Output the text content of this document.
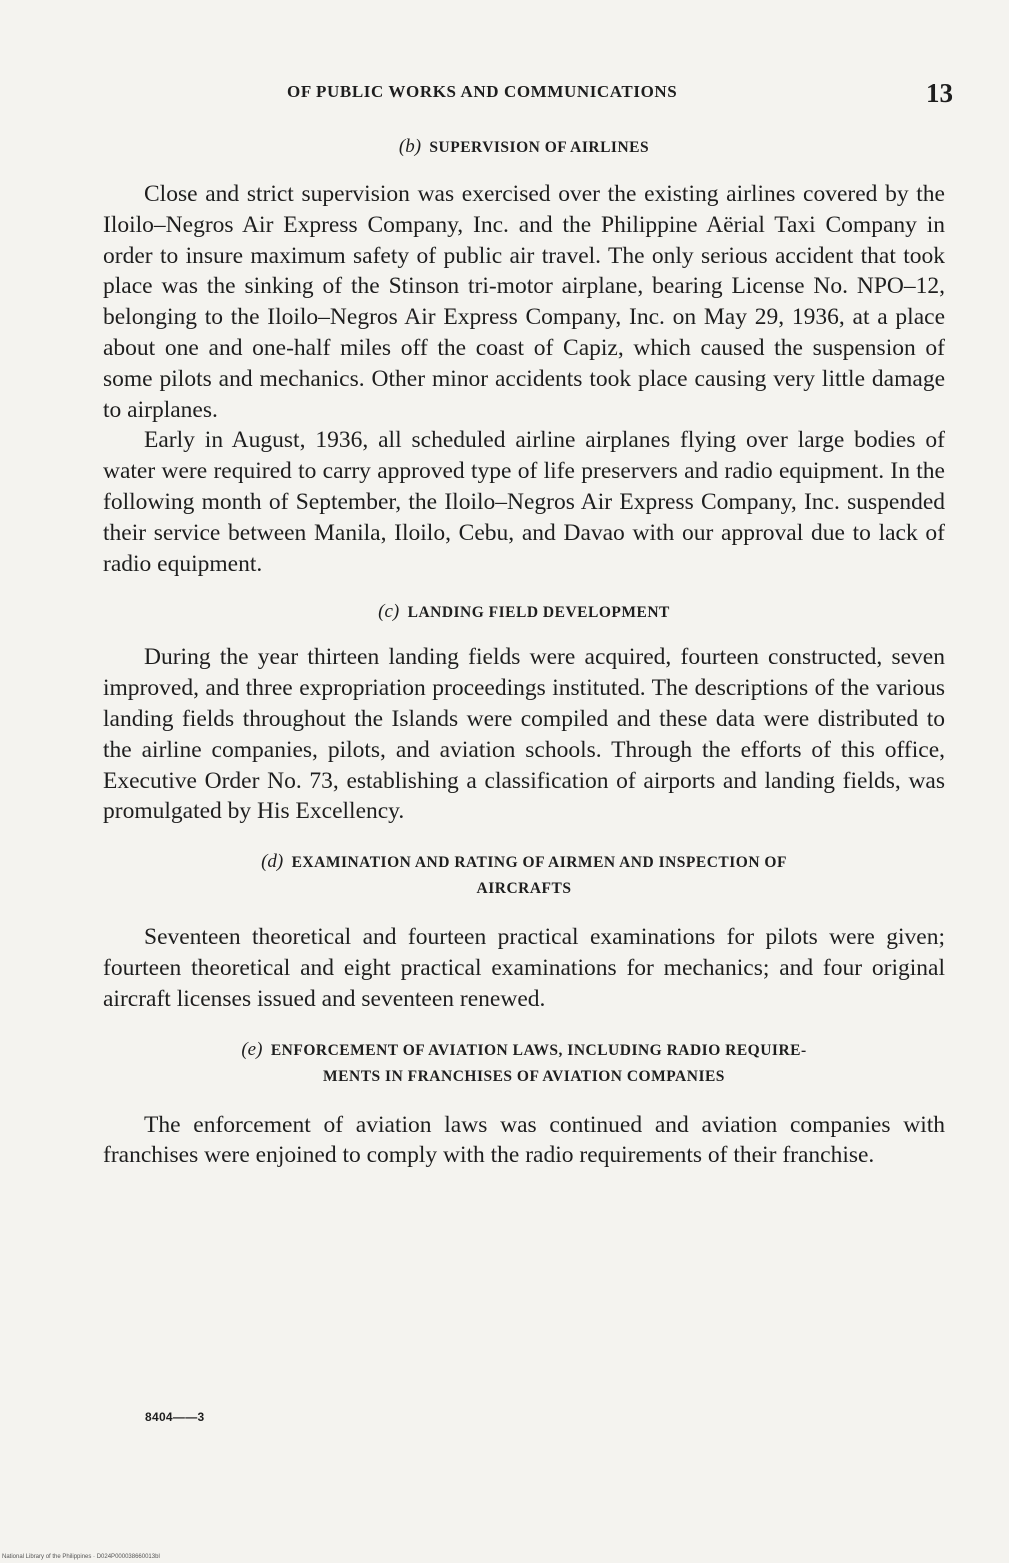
OF PUBLIC WORKS AND COMMUNICATIONS	13
(b) SUPERVISION OF AIRLINES

Close and strict supervision was exercised over the existing airlines covered by the Iloilo–Negros Air Express Company, Inc. and the Philippine Aërial Taxi Company in order to insure maximum safety of public air travel. The only serious accident that took place was the sinking of the Stinson tri-motor airplane, bearing License No. NPO–12, belonging to the Iloilo–Negros Air Express Company, Inc. on May 29, 1936, at a place about one and one-half miles off the coast of Capiz, which caused the suspension of some pilots and mechanics. Other minor accidents took place causing very little damage to airplanes.

Early in August, 1936, all scheduled airline airplanes flying over large bodies of water were required to carry approved type of life preservers and radio equipment. In the following month of September, the Iloilo–Negros Air Express Company, Inc. suspended their service between Manila, Iloilo, Cebu, and Davao with our approval due to lack of radio equipment.

(c) LANDING FIELD DEVELOPMENT

During the year thirteen landing fields were acquired, fourteen constructed, seven improved, and three expropriation proceedings instituted. The descriptions of the various landing fields throughout the Islands were compiled and these data were distributed to the airline companies, pilots, and aviation schools. Through the efforts of this office, Executive Order No. 73, establishing a classification of airports and landing fields, was promulgated by His Excellency.

(d) EXAMINATION AND RATING OF AIRMEN AND INSPECTION OF
AIRCRAFTS

Seventeen theoretical and fourteen practical examinations for pilots were given; fourteen theoretical and eight practical examinations for mechanics; and four original aircraft licenses issued and seventeen renewed.

(e) ENFORCEMENT OF AVIATION LAWS, INCLUDING RADIO REQUIRE-
MENTS IN FRANCHISES OF AVIATION COMPANIES

The enforcement of aviation laws was continued and aviation companies with franchises were enjoined to comply with the radio requirements of their franchise.

8404——3
National Library of the Philippines · D024P000038660013bl
